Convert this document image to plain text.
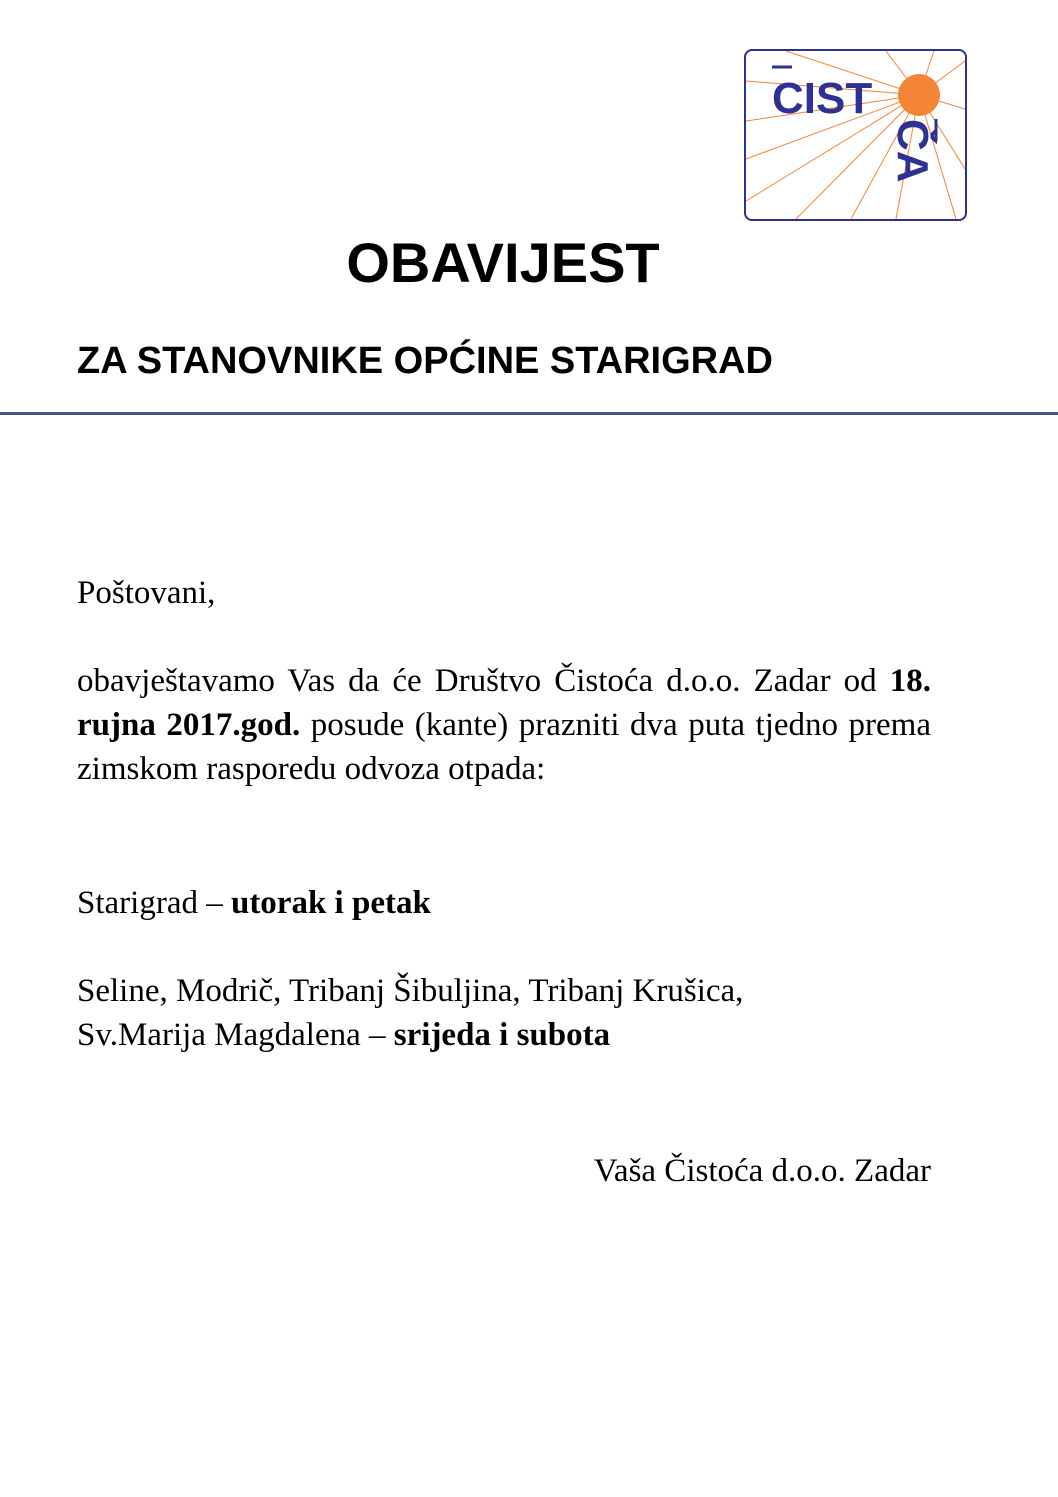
CIST
ČA
OBAVIJEST
ZA STANOVNIKE OPĆINE STARIGRAD

Poštovani,

obavještavamo Vas da će Društvo Čistoća d.o.o. Zadar od 18. rujna 2017.god. posude (kante) prazniti dva puta tjedno prema zimskom rasporedu odvoza otpada:

Starigrad – utorak i petak

Seline, Modrič, Tribanj Šibuljina, Tribanj Krušica,
Sv.Marija Magdalena – srijeda i subota

Vaša Čistoća d.o.o. Zadar
